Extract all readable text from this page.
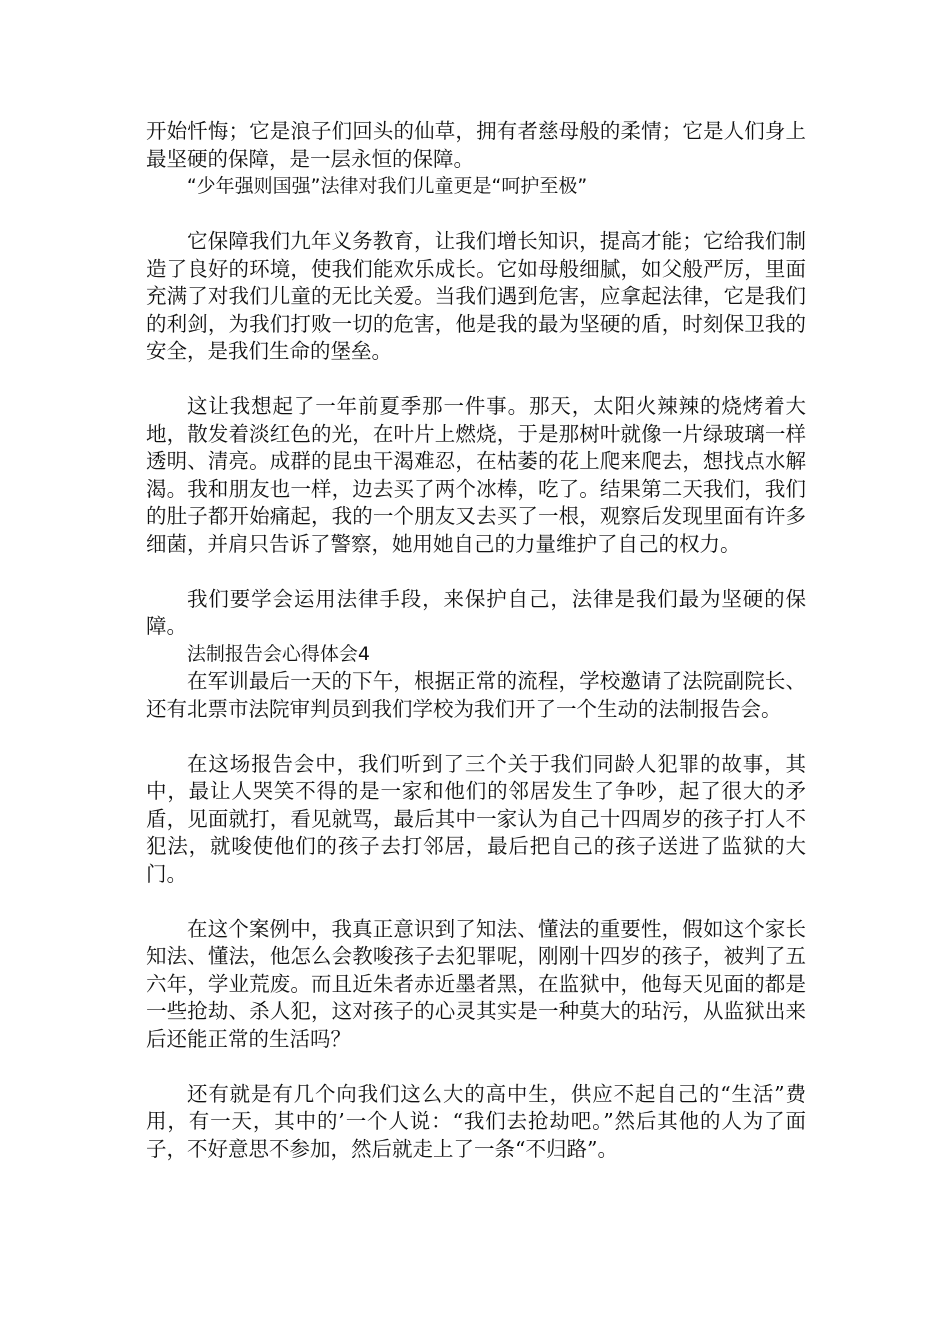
开始忏悔；它是浪子们回头的仙草，拥有者慈母般的柔情；它是人们身上最坚硬的保障，是一层永恒的保障。

“少年强则国强”法律对我们儿童更是“呵护至极”

它保障我们九年义务教育，让我们增长知识，提高才能；它给我们制造了良好的环境，使我们能欢乐成长。它如母般细腻，如父般严厉，里面充满了对我们儿童的无比关爱。当我们遇到危害，应拿起法律，它是我们的利剑，为我们打败一切的危害，他是我的最为坚硬的盾，时刻保卫我的安全，是我们生命的堡垒。

这让我想起了一年前夏季那一件事。那天，太阳火辣辣的烧烤着大地，散发着淡红色的光，在叶片上燃烧，于是那树叶就像一片绿玻璃一样透明、清亮。成群的昆虫干渴难忍，在枯萎的花上爬来爬去，想找点水解渴。我和朋友也一样，边去买了两个冰棒，吃了。结果第二天我们，我们的肚子都开始痛起，我的一个朋友又去买了一根，观察后发现里面有许多细菌，并肩只告诉了警察，她用她自己的力量维护了自己的权力。

我们要学会运用法律手段，来保护自己，法律是我们最为坚硬的保障。

法制报告会心得体会4

在军训最后一天的下午，根据正常的流程，学校邀请了法院副院长、还有北票市法院审判员到我们学校为我们开了一个生动的法制报告会。

在这场报告会中，我们听到了三个关于我们同龄人犯罪的故事，其中，最让人哭笑不得的是一家和他们的邻居发生了争吵，起了很大的矛盾，见面就打，看见就骂，最后其中一家认为自己十四周岁的孩子打人不犯法，就唆使他们的孩子去打邻居，最后把自己的孩子送进了监狱的大门。

在这个案例中，我真正意识到了知法、懂法的重要性，假如这个家长知法、懂法，他怎么会教唆孩子去犯罪呢，刚刚十四岁的孩子，被判了五六年，学业荒废。而且近朱者赤近墨者黑，在监狱中，他每天见面的都是一些抢劫、杀人犯，这对孩子的心灵其实是一种莫大的玷污，从监狱出来后还能正常的生活吗？

还有就是有几个向我们这么大的高中生，供应不起自己的“生活”费用，有一天，其中的’一个人说：“我们去抢劫吧。”然后其他的人为了面子，不好意思不参加，然后就走上了一条“不归路”。
